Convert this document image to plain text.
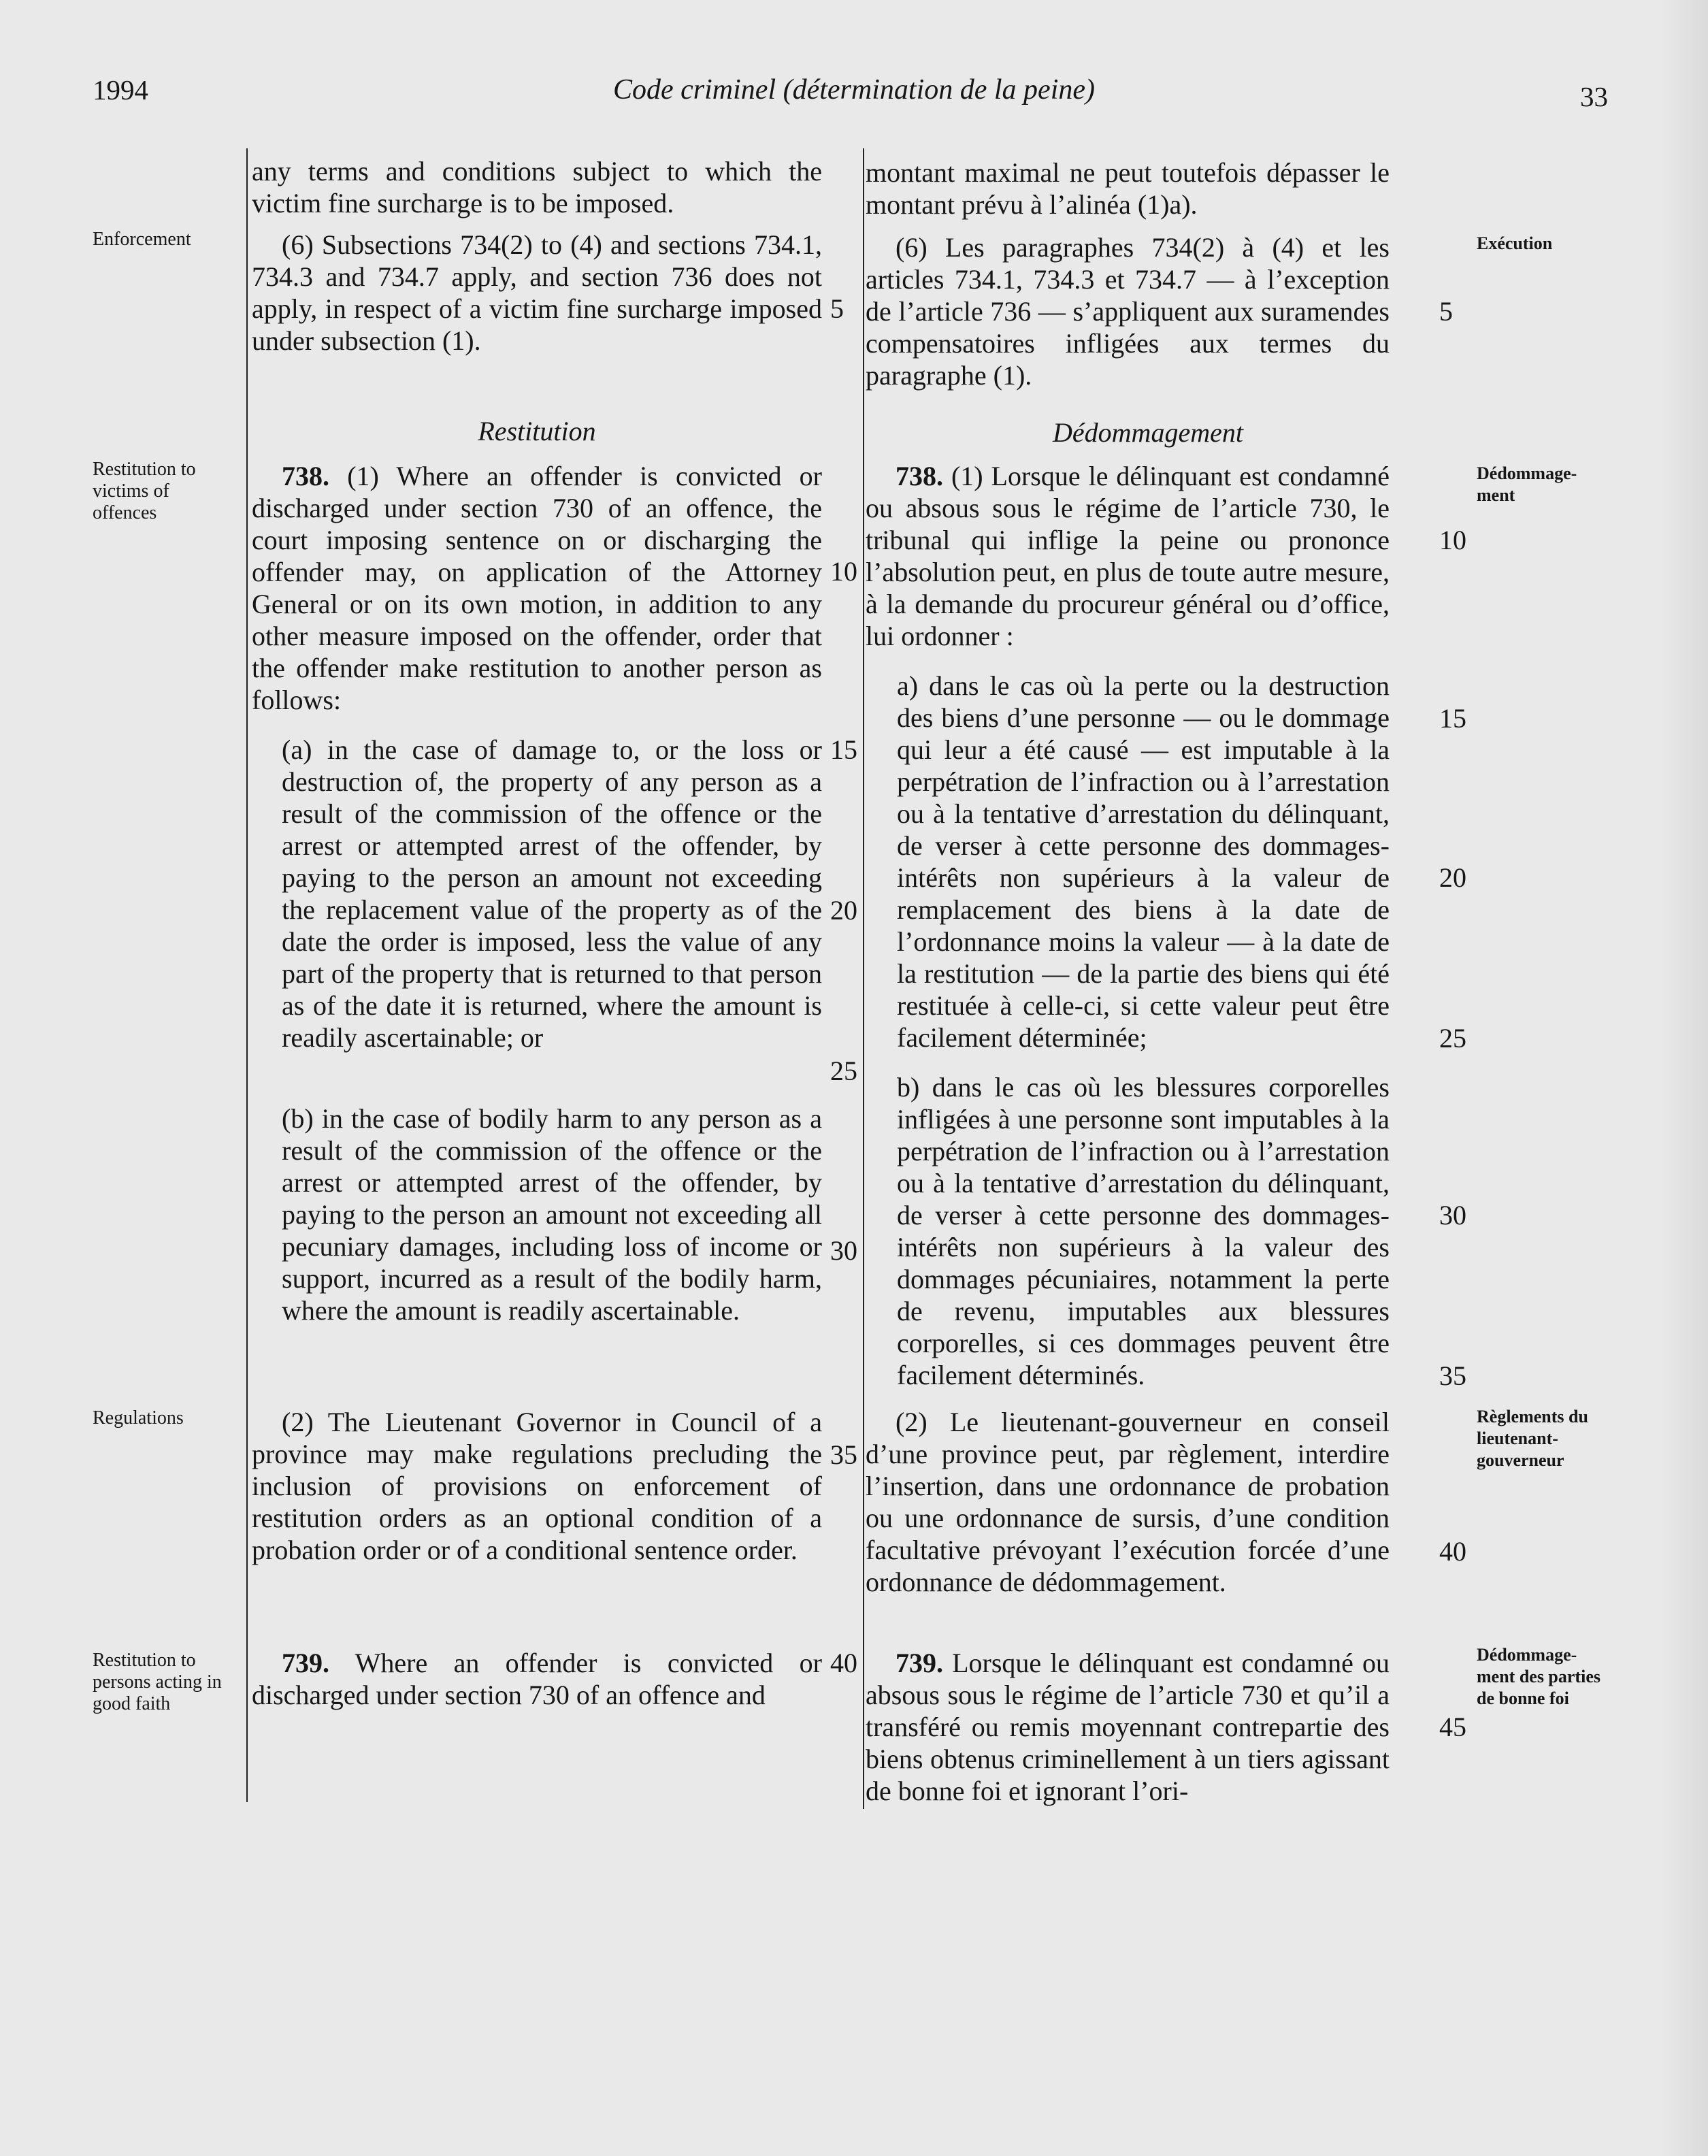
1994	Code criminel (détermination de la peine)	33
Enforcement
Restitution to victims of offences
Regulations
Restitution to persons acting in good faith
Exécution
Dédommage-ment
Règlements du lieutenant-gouverneur
Dédommage-ment des parties de bonne foi
any terms and conditions subject to which the victim fine surcharge is to be imposed.
(6) Subsections 734(2) to (4) and sections 734.1, 734.3 and 734.7 apply, and section 736 does not apply, in respect of a victim fine surcharge imposed under subsection (1).
Restitution
738. (1) Where an offender is convicted or discharged under section 730 of an offence, the court imposing sentence on or discharging the offender may, on application of the Attorney General or on its own motion, in addition to any other measure imposed on the offender, order that the offender make restitution to another person as follows:
(a) in the case of damage to, or the loss or destruction of, the property of any person as a result of the commission of the offence or the arrest or attempted arrest of the offender, by paying to the person an amount not exceeding the replacement value of the property as of the date the order is imposed, less the value of any part of the property that is returned to that person as of the date it is returned, where the amount is readily ascertainable; or
(b) in the case of bodily harm to any person as a result of the commission of the offence or the arrest or attempted arrest of the offender, by paying to the person an amount not exceeding all pecuniary damages, including loss of income or support, incurred as a result of the bodily harm, where the amount is readily ascertainable.
(2) The Lieutenant Governor in Council of a province may make regulations precluding the inclusion of provisions on enforcement of restitution orders as an optional condition of a probation order or of a conditional sentence order.
739. Where an offender is convicted or discharged under section 730 of an offence and
5
10
15
20
25
30
35
40
montant maximal ne peut toutefois dépasser le montant prévu à l’alinéa (1)a).
(6) Les paragraphes 734(2) à (4) et les articles 734.1, 734.3 et 734.7 — à l’exception de l’article 736 — s’appliquent aux suramendes compensatoires infligées aux termes du paragraphe (1).
Dédommagement
738. (1) Lorsque le délinquant est condamné ou absous sous le régime de l’article 730, le tribunal qui inflige la peine ou prononce l’absolution peut, en plus de toute autre mesure, à la demande du procureur général ou d’office, lui ordonner :
a) dans le cas où la perte ou la destruction des biens d’une personne — ou le dommage qui leur a été causé — est imputable à la perpétration de l’infraction ou à l’arrestation ou à la tentative d’arrestation du délinquant, de verser à cette personne des dommages-intérêts non supérieurs à la valeur de remplacement des biens à la date de l’ordonnance moins la valeur — à la date de la restitution — de la partie des biens qui été restituée à celle-ci, si cette valeur peut être facilement déterminée;
b) dans le cas où les blessures corporelles infligées à une personne sont imputables à la perpétration de l’infraction ou à l’arrestation ou à la tentative d’arrestation du délinquant, de verser à cette personne des dommages-intérêts non supérieurs à la valeur des dommages pécuniaires, notamment la perte de revenu, imputables aux blessures corporelles, si ces dommages peuvent être facilement déterminés.
(2) Le lieutenant-gouverneur en conseil d’une province peut, par règlement, interdire l’insertion, dans une ordonnance de probation ou une ordonnance de sursis, d’une condition facultative prévoyant l’exécution forcée d’une ordonnance de dédommagement.
739. Lorsque le délinquant est condamné ou absous sous le régime de l’article 730 et qu’il a transféré ou remis moyennant contrepartie des biens obtenus criminellement à un tiers agissant de bonne foi et ignorant l’ori-
5
10
15
20
25
30
35
40
45
